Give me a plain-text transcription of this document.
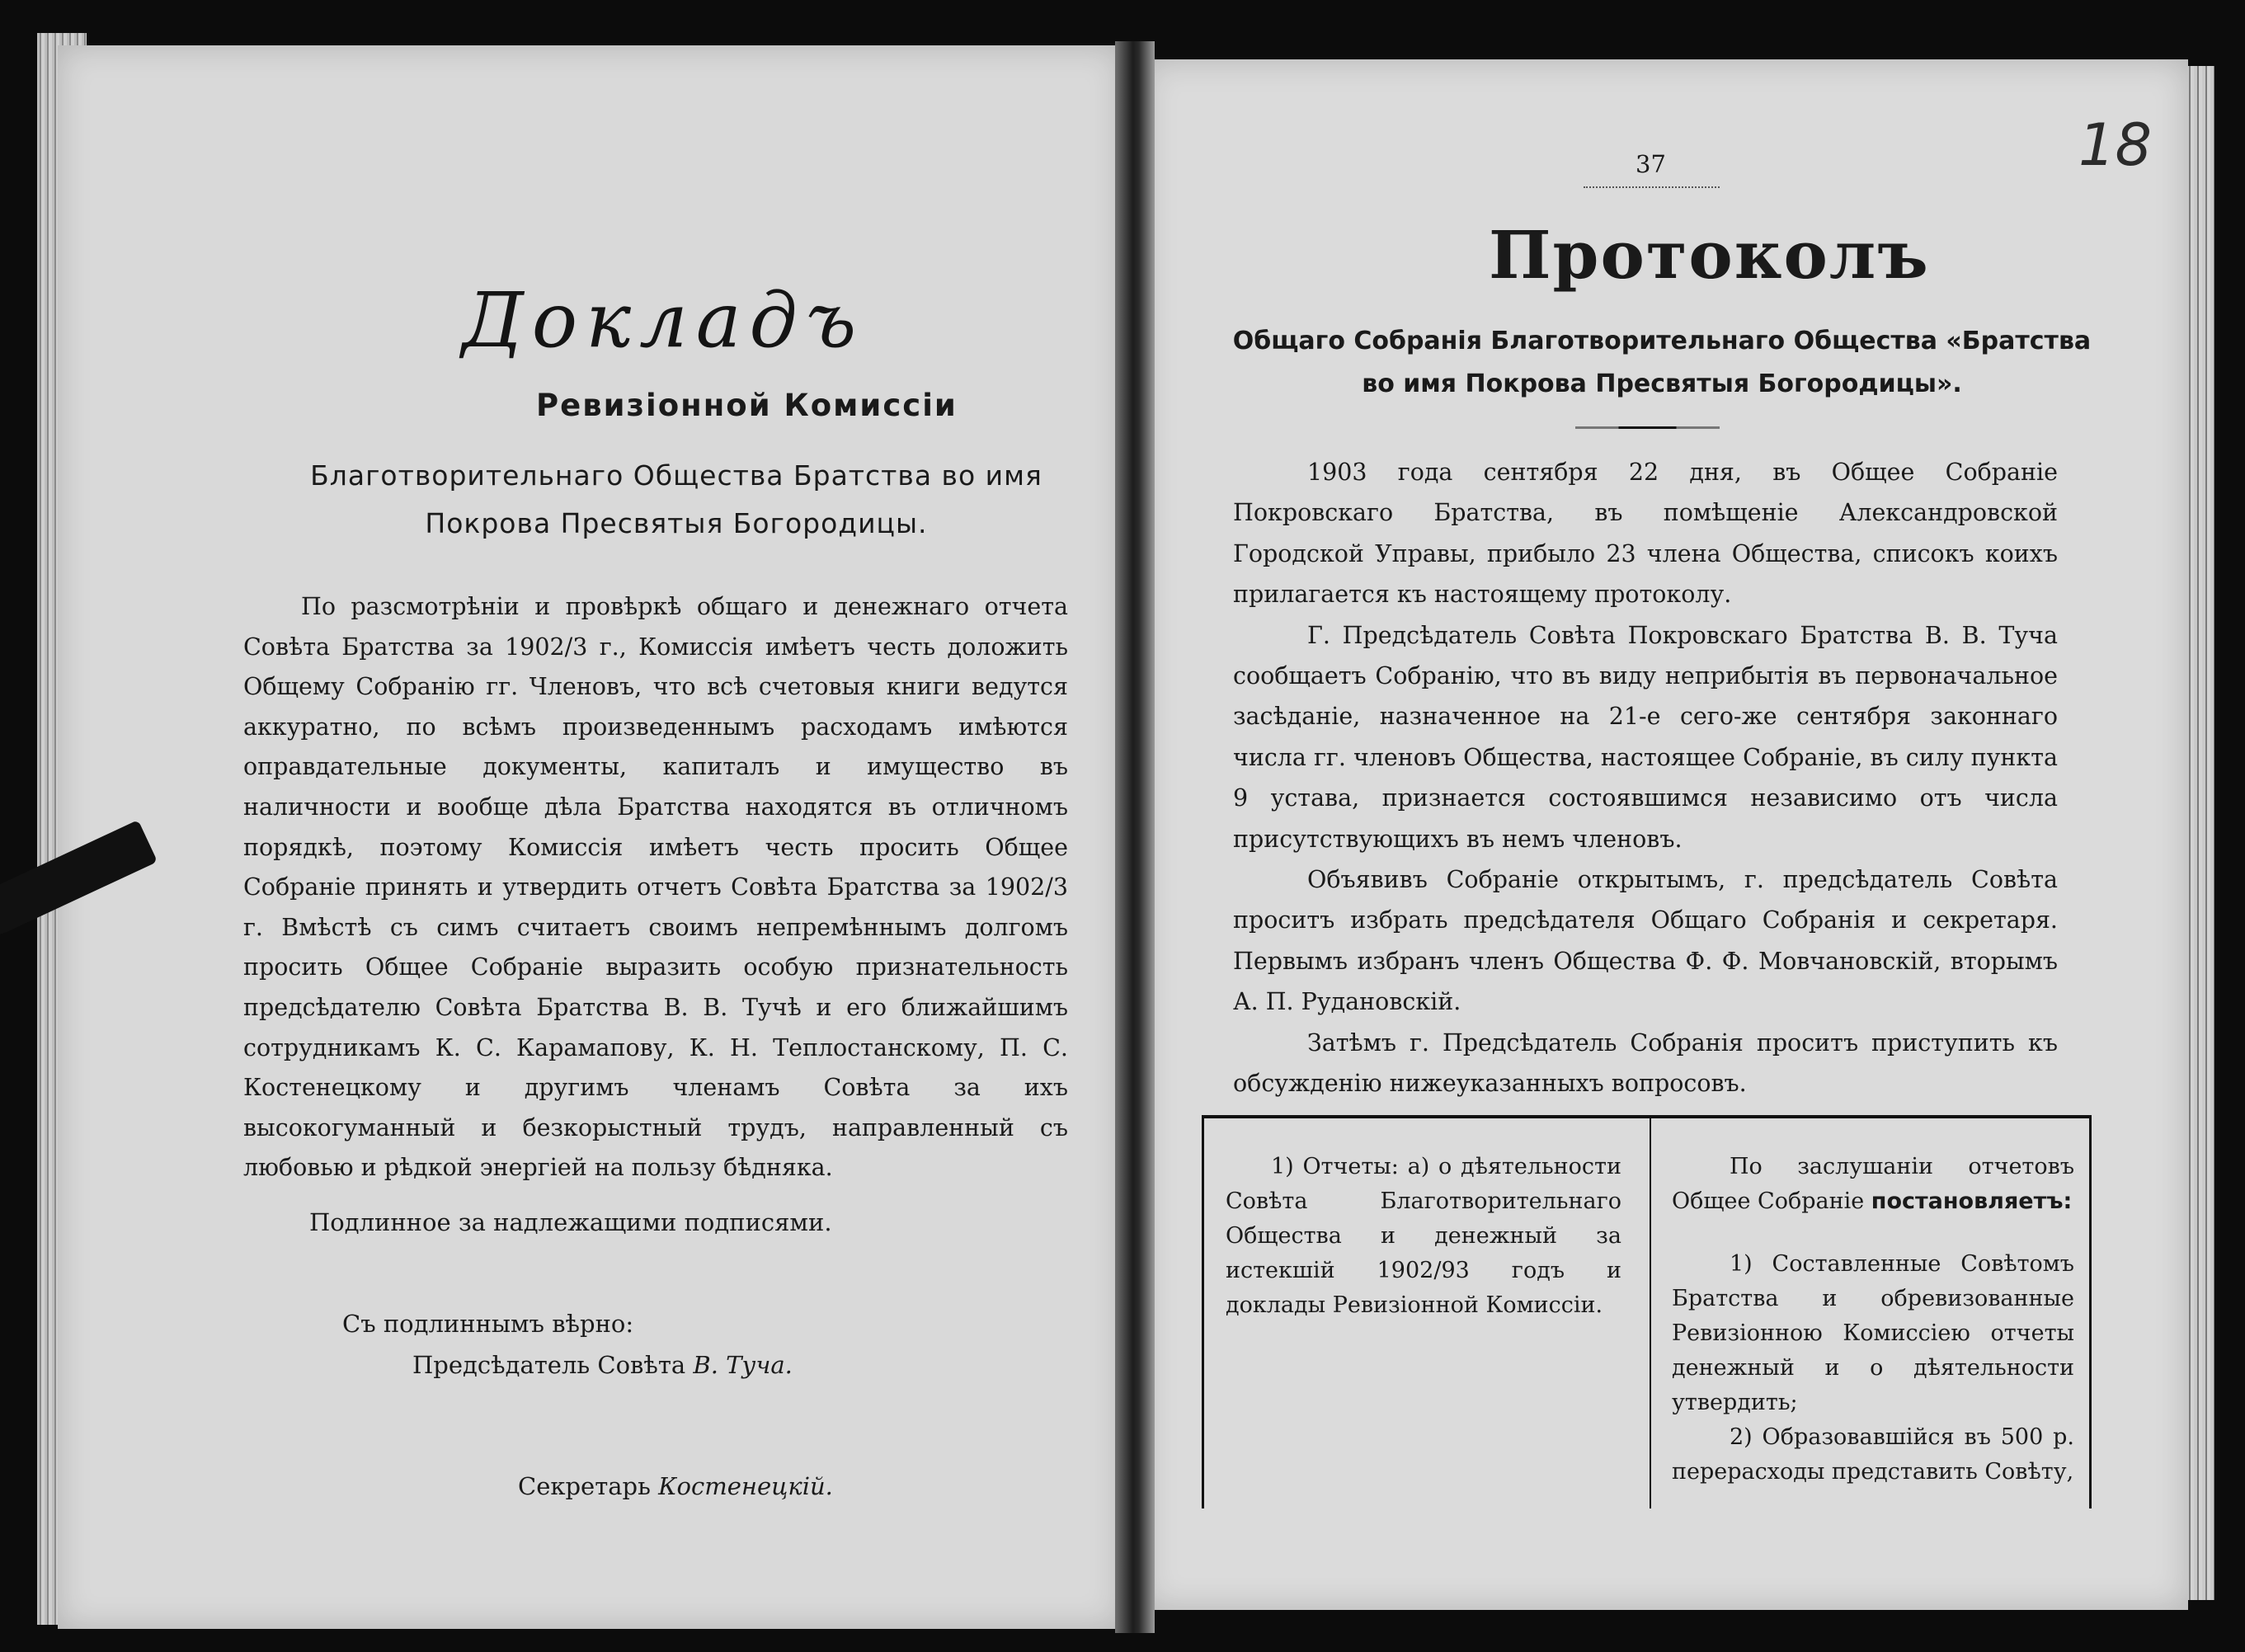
Докладъ
Ревизіонной Комиссіи
Благотворительнаго Общества Братства во имя Покрова Пресвятыя Богородицы.

По разсмотрѣніи и провѣркѣ общаго и денежнаго отчета Совѣта Братства за 1902/3 г., Комиссія имѣетъ честь доложить Общему Собранію гг. Членовъ, что всѣ счетовыя книги ведутся аккуратно, по всѣмъ произведеннымъ расходамъ имѣются оправдательные документы, капиталъ и имущество въ наличности и вообще дѣла Братства находятся въ отличномъ порядкѣ, поэтому Комиссія имѣетъ честь просить Общее Собраніе принять и утвердить отчетъ Совѣта Братства за 1902/3 г. Вмѣстѣ съ симъ считаетъ своимъ непремѣннымъ долгомъ просить Общее Собраніе выразить особую признательность предсѣдателю Совѣта Братства В. В. Тучѣ и его ближайшимъ сотрудникамъ К. С. Карамапову, К. Н. Теплостанскому, П. С. Костенецкому и другимъ членамъ Совѣта за ихъ высокогуманный и безкорыстный трудъ, направленный съ любовью и рѣдкой энергіей на пользу бѣдняка.

Подлинное за надлежащими подписями.
Съ подлиннымъ вѣрно:
Предсѣдатель Совѣта В. Туча.
Секретарь Костенецкій.
18
37
Протоколъ
Общаго Собранія Благотворительнаго Общества «Братства во имя Покрова Пресвятыя Богородицы».

1903 года сентября 22 дня, въ Общее Собраніе Покровскаго Братства, въ помѣщеніе Александровской Городской Управы, прибыло 23 члена Общества, списокъ коихъ прилагается къ настоящему протоколу.

Г. Предсѣдатель Совѣта Покровскаго Братства В. В. Туча сообщаетъ Собранію, что въ виду неприбытія въ первоначальное засѣданіе, назначенное на 21-е сего-же сентября законнаго числа гг. членовъ Общества, настоящее Собраніе, въ силу пункта 9 устава, признается состоявшимся независимо отъ числа присутствующихъ въ немъ членовъ.

Объявивъ Собраніе открытымъ, г. предсѣдатель Совѣта проситъ избрать предсѣдателя Общаго Собранія и секретаря. Первымъ избранъ членъ Общества Ф. Ф. Мовчановскій, вторымъ А. П. Рудановскій.

Затѣмъ г. Предсѣдатель Собранія проситъ приступить къ обсужденію нижеуказанныхъ вопросовъ.

1) Отчеты: а) о дѣятельности Совѣта Благотворительнаго Общества и денежный за истекшій 1902/93 годъ и доклады Ревизіонной Комиссіи.

По заслушаніи отчетовъ Общее Собраніе постановляетъ:

1) Составленные Совѣтомъ Братства и обревизованные Ревизіонною Комиссіею отчеты денежный и о дѣятельности утвердить;

2) Образовавшійся въ 500 р. перерасходы представить Совѣту,
